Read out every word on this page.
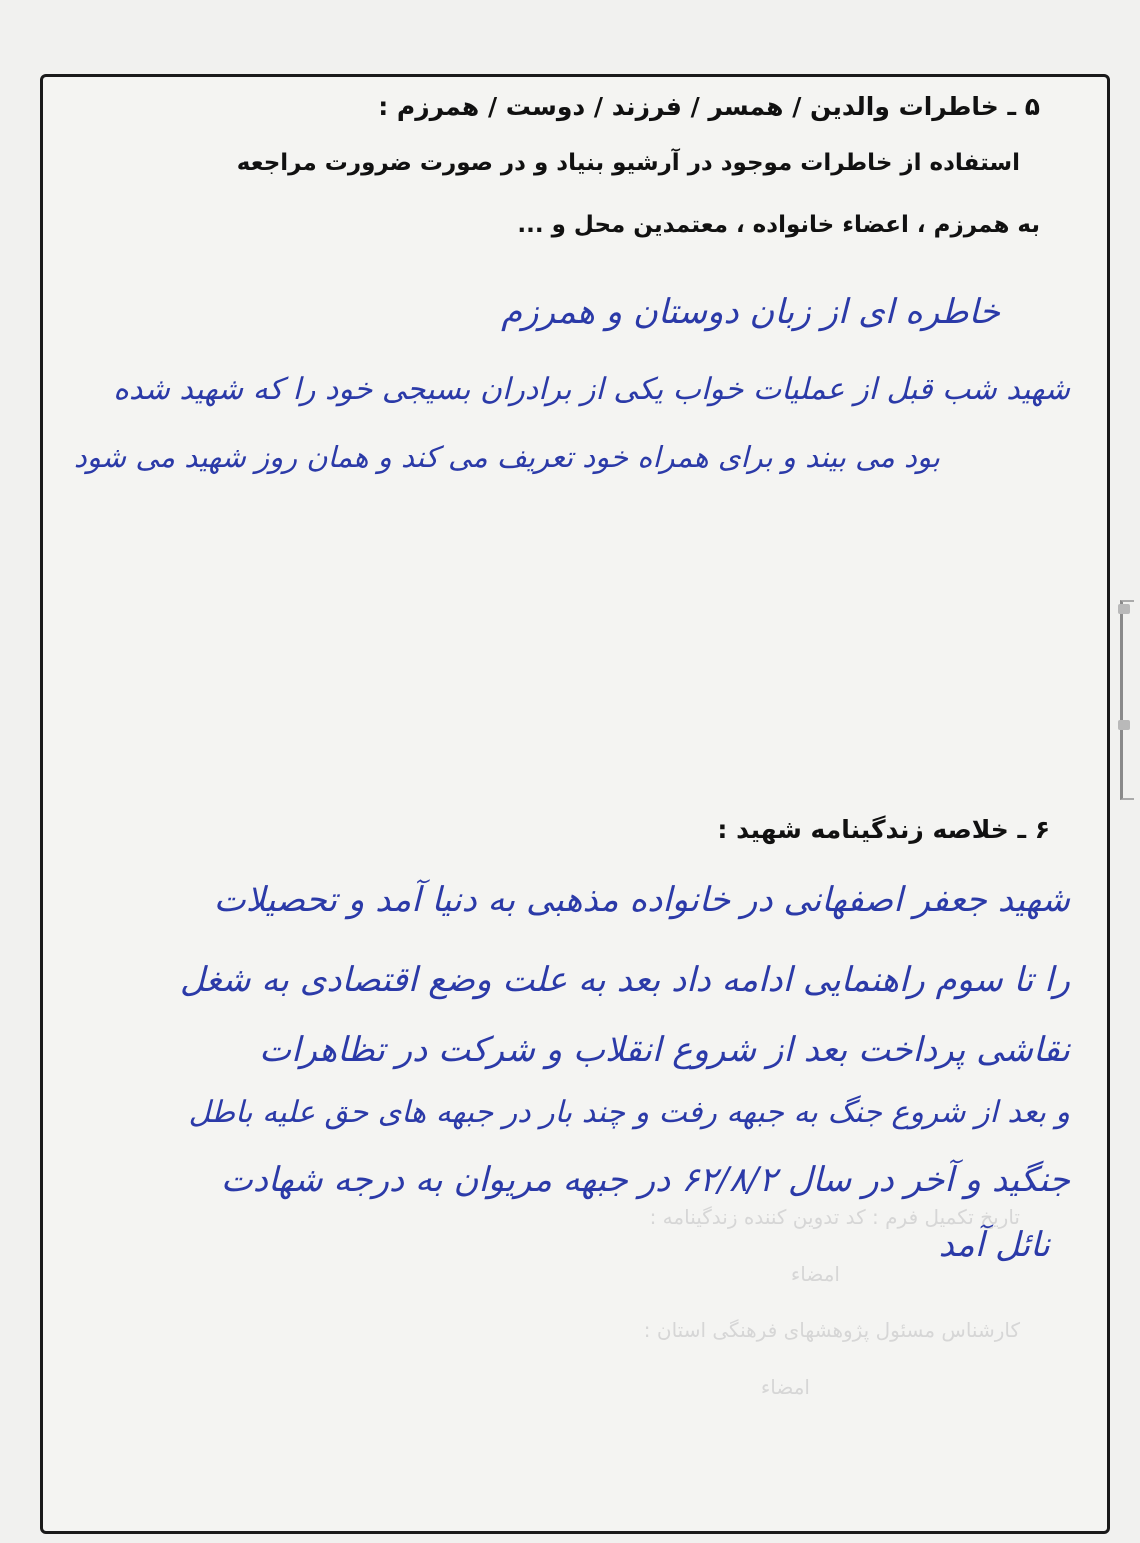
تاریخ تکمیل فرم : کد تدوین کننده زندگینامه :
امضاء
کارشناس مسئول پژوهشهای فرهنگی استان :
امضاء
۵ ـ خاطرات والدین / همسر / فرزند / دوست / همرزم :
استفاده از خاطرات موجود در آرشیو بنیاد و در صورت ضرورت مراجعه
به همرزم ، اعضاء خانواده ، معتمدین محل و ...
خاطره ای از زبان دوستان و همرزم
شهید شب قبل از عملیات خواب یکی از برادران بسیجی خود را که شهید شده
بود می بیند و برای همراه خود تعریف می کند و همان روز شهید می شود
۶ ـ خلاصه زندگینامه شهید :
شهید جعفر اصفهانی در خانواده مذهبی به دنیا آمد و تحصیلات
را تا سوم راهنمایی ادامه داد بعد به علت وضع اقتصادی به شغل
نقاشی پرداخت بعد از شروع انقلاب و شرکت در تظاهرات
و بعد از شروع جنگ به جبهه رفت و چند بار در جبهه های حق علیه باطل
جنگید و آخر در سال ۶۲/۸/۲ در جبهه مریوان به درجه شهادت
نائل آمد
